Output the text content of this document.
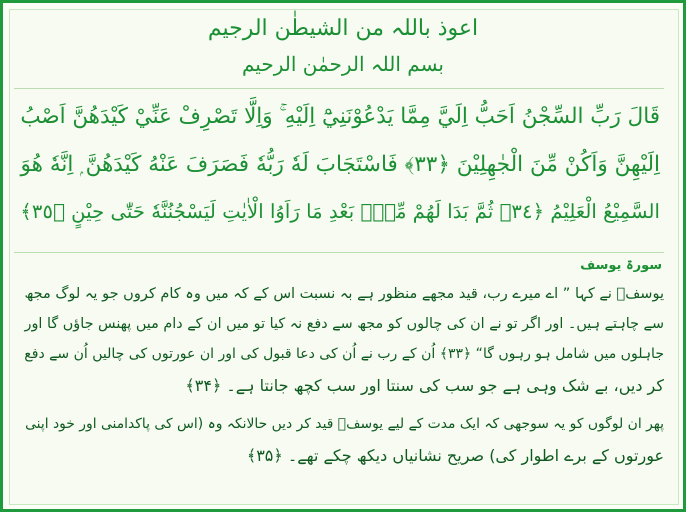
اعوذ باللہ من الشیطٰن الرجیم
بسم اللہ الرحمٰن الرحیم
قَالَ رَبِّ السِّجْنُ اَحَبُّ اِلَيَّ مِمَّا يَدْعُوْنَنِيْٓ اِلَيْهِ ۚ وَاِلَّا تَصْرِفْ عَنِّيْ كَيْدَهُنَّ اَصْبُ
اِلَيْهِنَّ وَاَكُنْ مِّنَ الْجٰهِلِيْنَ ﴿٣٣﴾ فَاسْتَجَابَ لَهٗ رَبُّهٗ فَصَرَفَ عَنْهُ كَيْدَهُنَّ ۭ اِنَّهٗ هُوَ
السَّمِيْعُ الْعَلِيْمُ ﴿٣٤﴾ ثُمَّ بَدَا لَهُمْ مِّنْۢ بَعْدِ مَا رَاَوُا الْاٰيٰتِ لَيَسْجُنُنَّهٗ حَتّٰى حِيْنٍ ﴿٣٥﴾
سورۃ یوسف
یوسفؑ نے کہا ” اے میرے رب، قید مجھے منظور ہے بہ نسبت اس کے کہ میں وہ کام کروں جو یہ لوگ مجھ
سے چاہتے ہیں۔ اور اگر تو نے ان کی چالوں کو مجھ سے دفع نہ کیا تو میں ان کے دام میں پھنس جاؤں گا اور
جاہلوں میں شامل ہو رہوں گا“ ﴿۳۳﴾ اُن کے رب نے اُن کی دعا قبول کی اور ان عورتوں کی چالیں اُن سے دفع
کر دیں، بے شک وہی ہے جو سب کی سنتا اور سب کچھ جانتا ہے۔ ﴿۳۴﴾
پھر ان لوگوں کو یہ سوجھی کہ ایک مدت کے لیے یوسفؑ قید کر دیں حالانکہ وہ (اس کی پاکدامنی اور خود اپنی
عورتوں کے برے اطوار کی) صریح نشانیاں دیکھ چکے تھے۔ ﴿۳۵﴾
